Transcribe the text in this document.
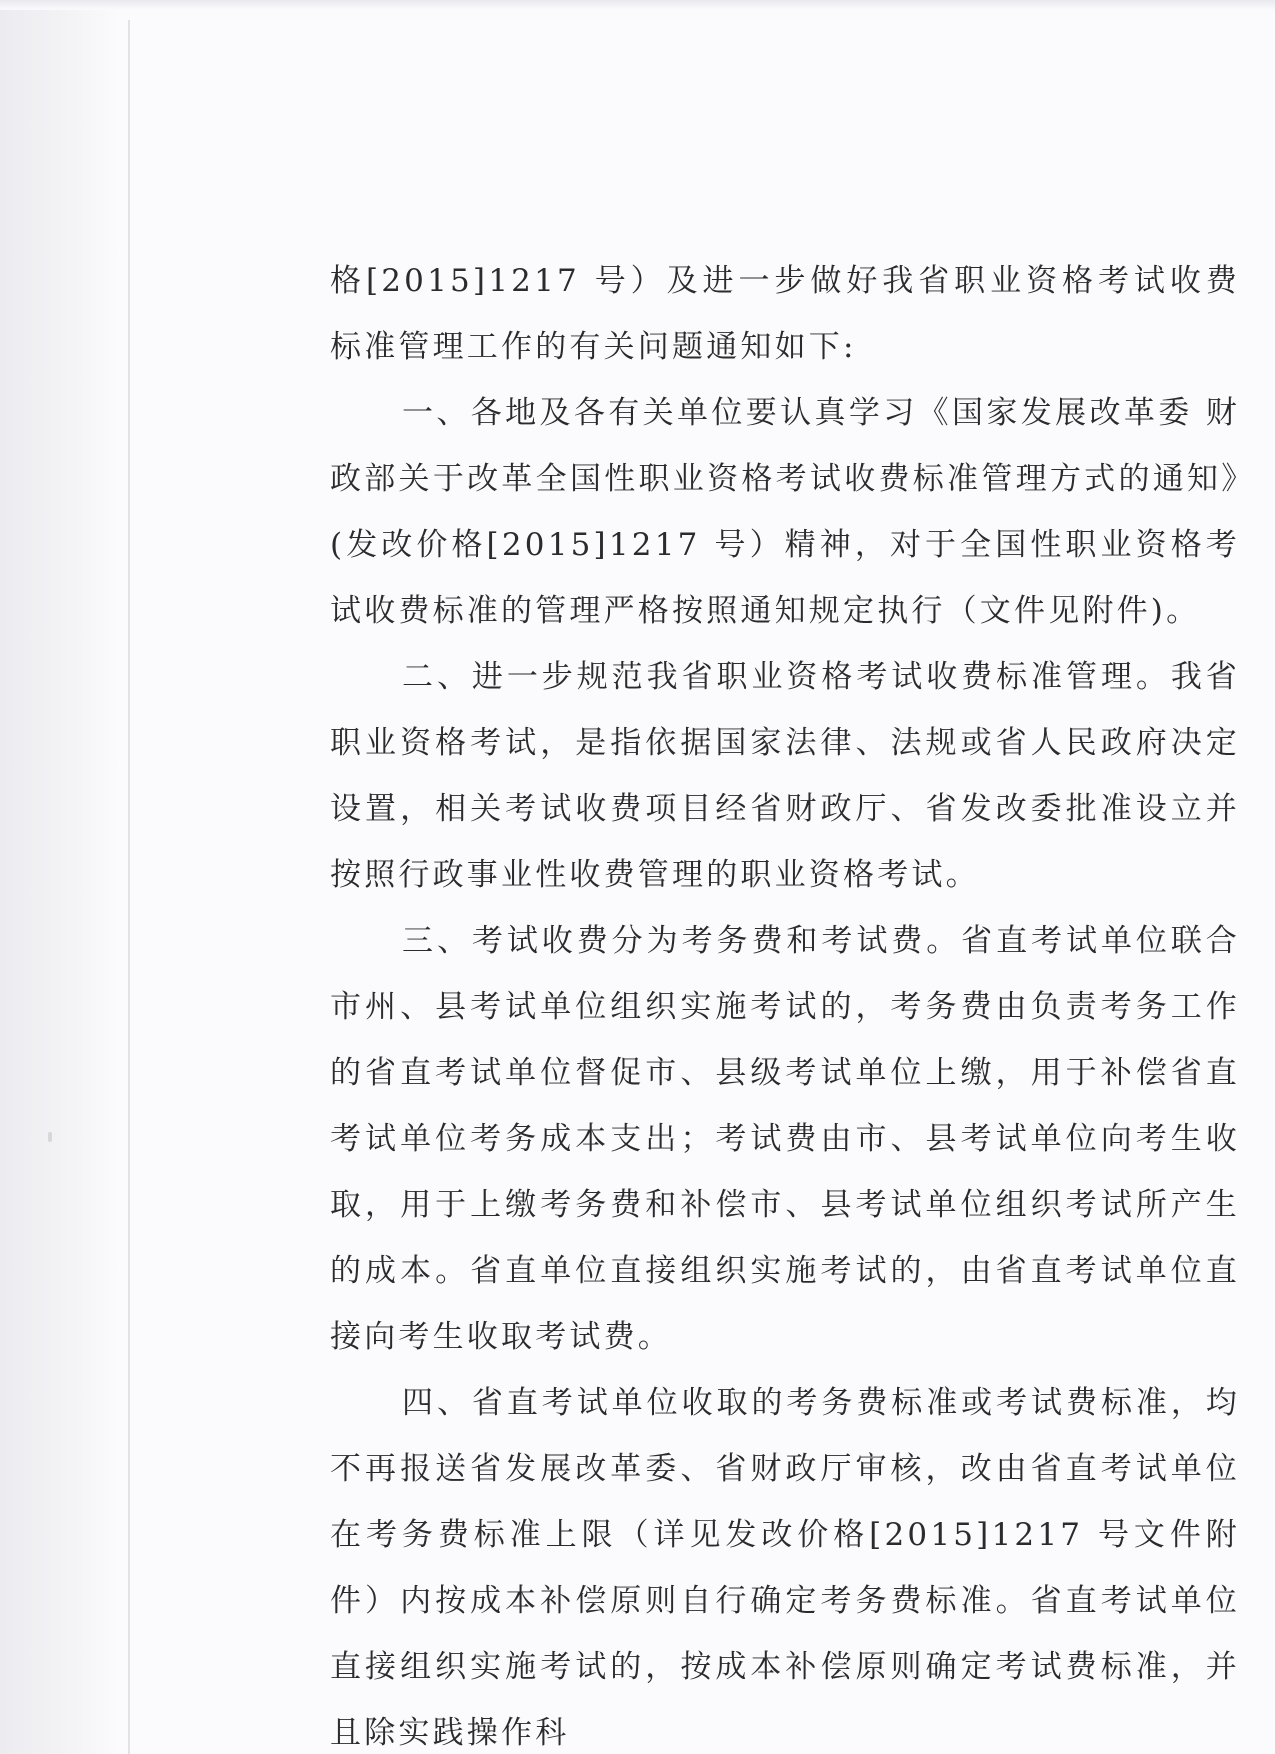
格[2015]1217 号）及进一步做好我省职业资格考试收费标准管理工作的有关问题通知如下:

一、各地及各有关单位要认真学习《国家发展改革委 财政部关于改革全国性职业资格考试收费标准管理方式的通知》(发改价格[2015]1217 号）精神，对于全国性职业资格考试收费标准的管理严格按照通知规定执行（文件见附件)。

二、进一步规范我省职业资格考试收费标准管理。我省职业资格考试，是指依据国家法律、法规或省人民政府决定设置，相关考试收费项目经省财政厅、省发改委批准设立并按照行政事业性收费管理的职业资格考试。

三、考试收费分为考务费和考试费。省直考试单位联合市州、县考试单位组织实施考试的，考务费由负责考务工作的省直考试单位督促市、县级考试单位上缴，用于补偿省直考试单位考务成本支出；考试费由市、县考试单位向考生收取，用于上缴考务费和补偿市、县考试单位组织考试所产生的成本。省直单位直接组织实施考试的，由省直考试单位直接向考生收取考试费。

四、省直考试单位收取的考务费标准或考试费标准，均不再报送省发展改革委、省财政厅审核，改由省直考试单位在考务费标准上限（详见发改价格[2015]1217 号文件附件）内按成本补偿原则自行确定考务费标准。省直考试单位直接组织实施考试的，按成本补偿原则确定考试费标准，并且除实践操作科
